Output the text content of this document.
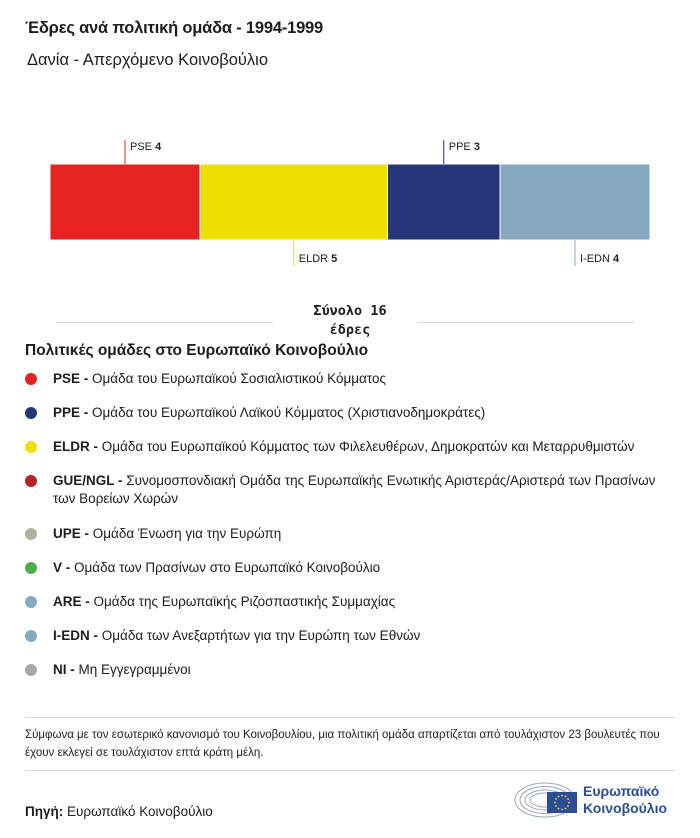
Έδρες ανά πολιτική ομάδα - 1994-1999
Δανία - Απερχόμενο Κοινοβούλιο
PSE 4
ELDR 5
PPE 3
I-EDN 4
Σύνολο 16
έδρες
Πολιτικές ομάδες στο Ευρωπαϊκό Κοινοβούλιο
PSE - Ομάδα του Ευρωπαϊκού Σοσιαλιστικού Κόμματος
PPE - Ομάδα του Ευρωπαϊκού Λαϊκού Κόμματος (Χριστιανοδημοκράτες)
ELDR - Ομάδα του Ευρωπαϊκού Κόμματος των Φιλελευθέρων, Δημοκρατών και Μεταρρυθμιστών
GUE/NGL - Συνομοσπονδιακή Ομάδα της Ευρωπαϊκής Ενωτικής Αριστεράς/Αριστερά των Πρασίνων των Βορείων Χωρών
UPE - Ομάδα Ένωση για την Ευρώπη
V - Ομάδα των Πρασίνων στο Ευρωπαϊκό Κοινοβούλιο
ARE - Ομάδα της Ευρωπαϊκής Ριζοσπαστικής Συμμαχίας
I-EDN - Ομάδα των Ανεξαρτήτων για την Ευρώπη των Εθνών
NI - Μη Εγγεγραμμένοι
Σύμφωνα με τον εσωτερικό κανονισμό του Κοινοβουλίου, μια πολιτική ομάδα απαρτίζεται από τουλάχιστον 23 βουλευτές που έχουν εκλεγεί σε τουλάχιστον επτά κράτη μέλη.
Πηγή: Ευρωπαϊκό Κοινοβούλιο
Ευρωπαϊκό
Κοινοβούλιο
